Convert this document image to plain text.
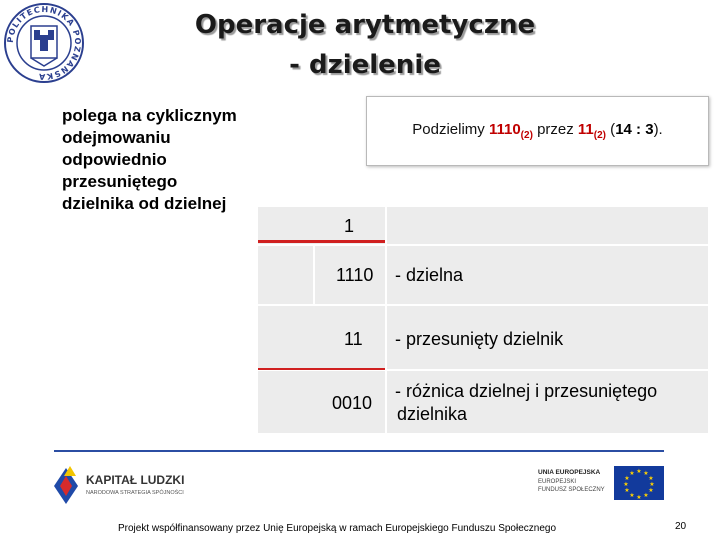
POLITECHNIKA POZNAŃSKA
Operacje arytmetyczne
- dzielenie
polega na cyklicznym
odejmowaniu
odpowiednio
przesuniętego
dzielnika od dzielnej
Podzielimy $1110_{(2)}$ przez $11_{(2)}$ (14 : 3).
1
1110 - dzielna
11 - przesunięty dzielnik
0010
- różnica dzielnej i przesuniętego
dzielnika
KAPITAŁ LUDZKI
NARODOWA STRATEGIA SPÓJNOŚCI
UNIA EUROPEJSKA
EUROPEJSKI
FUNDUSZ SPOŁECZNY
★ ★
★
★
★
★
★
★
★
★
★
★
Projekt współfinansowany przez Unię Europejską w ramach Europejskiego Funduszu Społecznego	20
